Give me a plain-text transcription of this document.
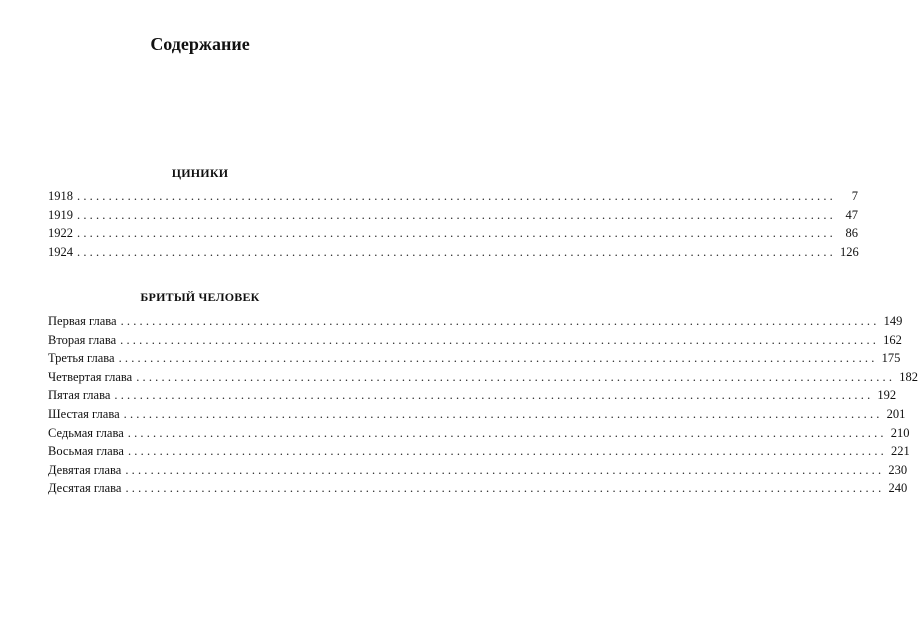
Содержание
ЦИНИКИ
1918 ........................................................................................................................	7
1919 ........................................................................................................................ 47
1922 ........................................................................................................................ 86
1924 ........................................................................................................................ 126
БРИТЫЙ ЧЕЛОВЕК
Первая глава ........................................................................................................................ 149
Вторая глава ........................................................................................................................ 162
Третья глава ........................................................................................................................ 175
Четвертая глава ........................................................................................................................ 182
Пятая глава ........................................................................................................................ 192
Шестая глава ........................................................................................................................ 201
Седьмая глава ........................................................................................................................ 210
Восьмая глава ........................................................................................................................ 221
Девятая глава ........................................................................................................................ 230
Десятая глава ........................................................................................................................ 240
